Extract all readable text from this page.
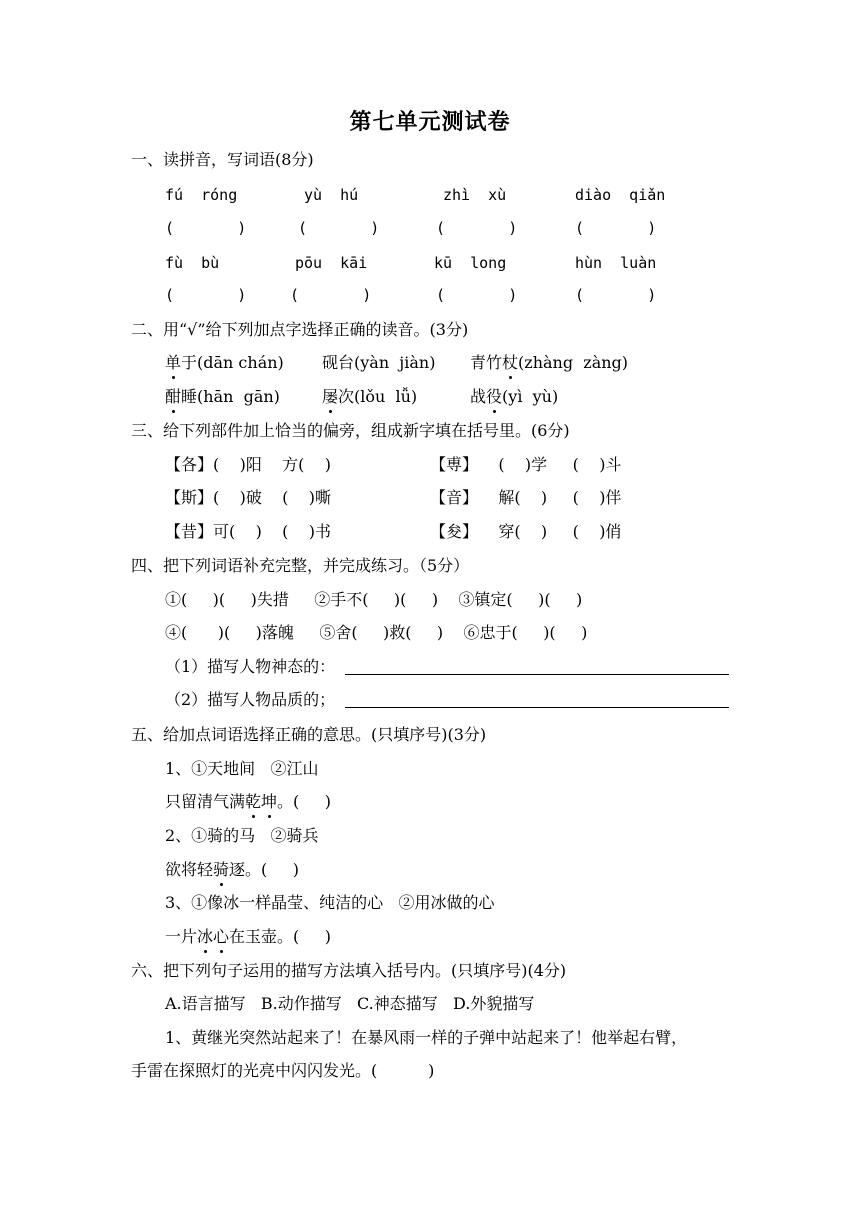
第七单元测试卷
一、读拼音，写词语(8分)
fú  róng	yù  hú	zhì  xù	diào  qiǎn
(       )	(       )	(       )	(       )
fù  bù	pōu  kāi	kū  long	hùn  luàn
(       )	(       )	(       )	(       )
二、用“√”给下列加点字选择正确的读音。(3分)
单于(dān chán) 砚台(yàn  jiàn) 青竹杖(zhàng  zàng)
酣睡(hān  gān)	屡次(lǒu  lǚ)	战役(yì  yù)
三、给下列部件加上恰当的偏旁，组成新字填在括号里。(6分)
【各】(    )阳    方(    )	【尃】    (    )学     (    )斗
【斯】(    )破    (    )嘶	【音】    解(    )     (    )伴
【昔】可(    )    (    )书	【夋】    穿(    )     (    )俏
四、把下列词语补充完整，并完成练习。（5分）
①(     )(     )失措     ②手不(     )(     )    ③镇定(     )(     )
④(      )(     )落魄     ⑤舍(     )救(     )    ⑥忠于(     )(     )
（1）描写人物神态的：
（2）描写人物品质的；
五、给加点词语选择正确的意思。(只填序号)(3分)
1、①天地间   ②江山
只留清气满乾坤。(     )
2、①骑的马   ②骑兵
欲将轻骑逐。(     )
3、①像冰一样晶莹、纯洁的心   ②用冰做的心
一片冰心在玉壶。(     )
六、把下列句子运用的描写方法填入括号内。(只填序号)(4分)
A.语言描写   B.动作描写   C.神态描写   D.外貌描写
1、黄继光突然站起来了！在暴风雨一样的子弹中站起来了！他举起右臂，
手雷在探照灯的光亮中闪闪发光。(          )
